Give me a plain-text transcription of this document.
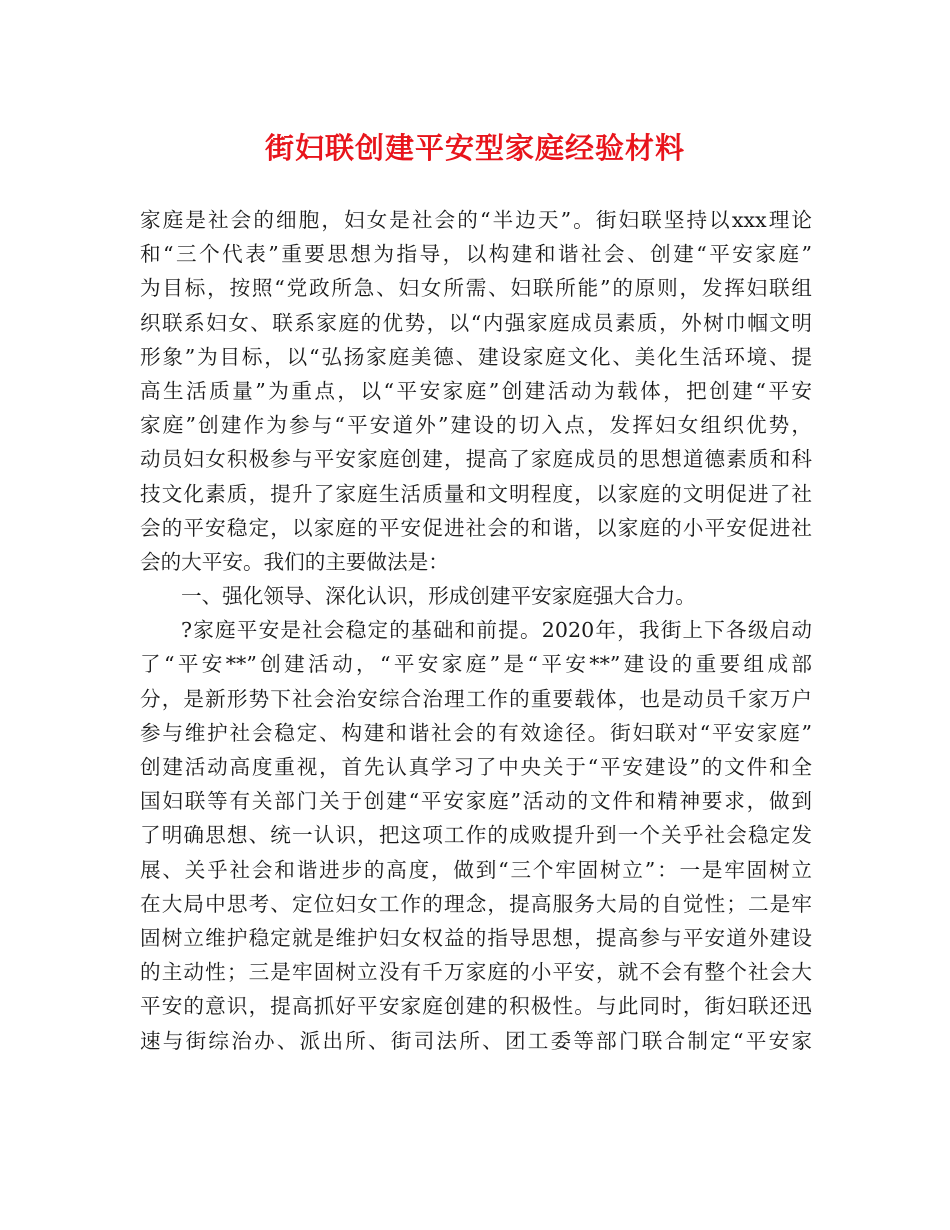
街妇联创建平安型家庭经验材料
家庭是社会的细胞，妇女是社会的“半边天”。街妇联坚持以xxx理论
和“三个代表”重要思想为指导，以构建和谐社会、创建“平安家庭”
为目标，按照“党政所急、妇女所需、妇联所能”的原则，发挥妇联组
织联系妇女、联系家庭的优势，以“内强家庭成员素质，外树巾帼文明
形象”为目标，以“弘扬家庭美德、建设家庭文化、美化生活环境、提
高生活质量”为重点，以“平安家庭”创建活动为载体，把创建“平安
家庭”创建作为参与“平安道外”建设的切入点，发挥妇女组织优势，
动员妇女积极参与平安家庭创建，提高了家庭成员的思想道德素质和科
技文化素质，提升了家庭生活质量和文明程度，以家庭的文明促进了社
会的平安稳定，以家庭的平安促进社会的和谐，以家庭的小平安促进社
会的大平安。我们的主要做法是：
一、强化领导、深化认识，形成创建平安家庭强大合力。
?家庭平安是社会稳定的基础和前提。2020年，我街上下各级启动
了“平安**”创建活动，“平安家庭”是“平安**”建设的重要组成部
分，是新形势下社会治安综合治理工作的重要载体，也是动员千家万户
参与维护社会稳定、构建和谐社会的有效途径。街妇联对“平安家庭”
创建活动高度重视，首先认真学习了中央关于“平安建设”的文件和全
国妇联等有关部门关于创建“平安家庭”活动的文件和精神要求，做到
了明确思想、统一认识，把这项工作的成败提升到一个关乎社会稳定发
展、关乎社会和谐进步的高度，做到“三个牢固树立”：一是牢固树立
在大局中思考、定位妇女工作的理念，提高服务大局的自觉性；二是牢
固树立维护稳定就是维护妇女权益的指导思想，提高参与平安道外建设
的主动性；三是牢固树立没有千万家庭的小平安，就不会有整个社会大
平安的意识，提高抓好平安家庭创建的积极性。与此同时，街妇联还迅
速与街综治办、派出所、街司法所、团工委等部门联合制定“平安家
